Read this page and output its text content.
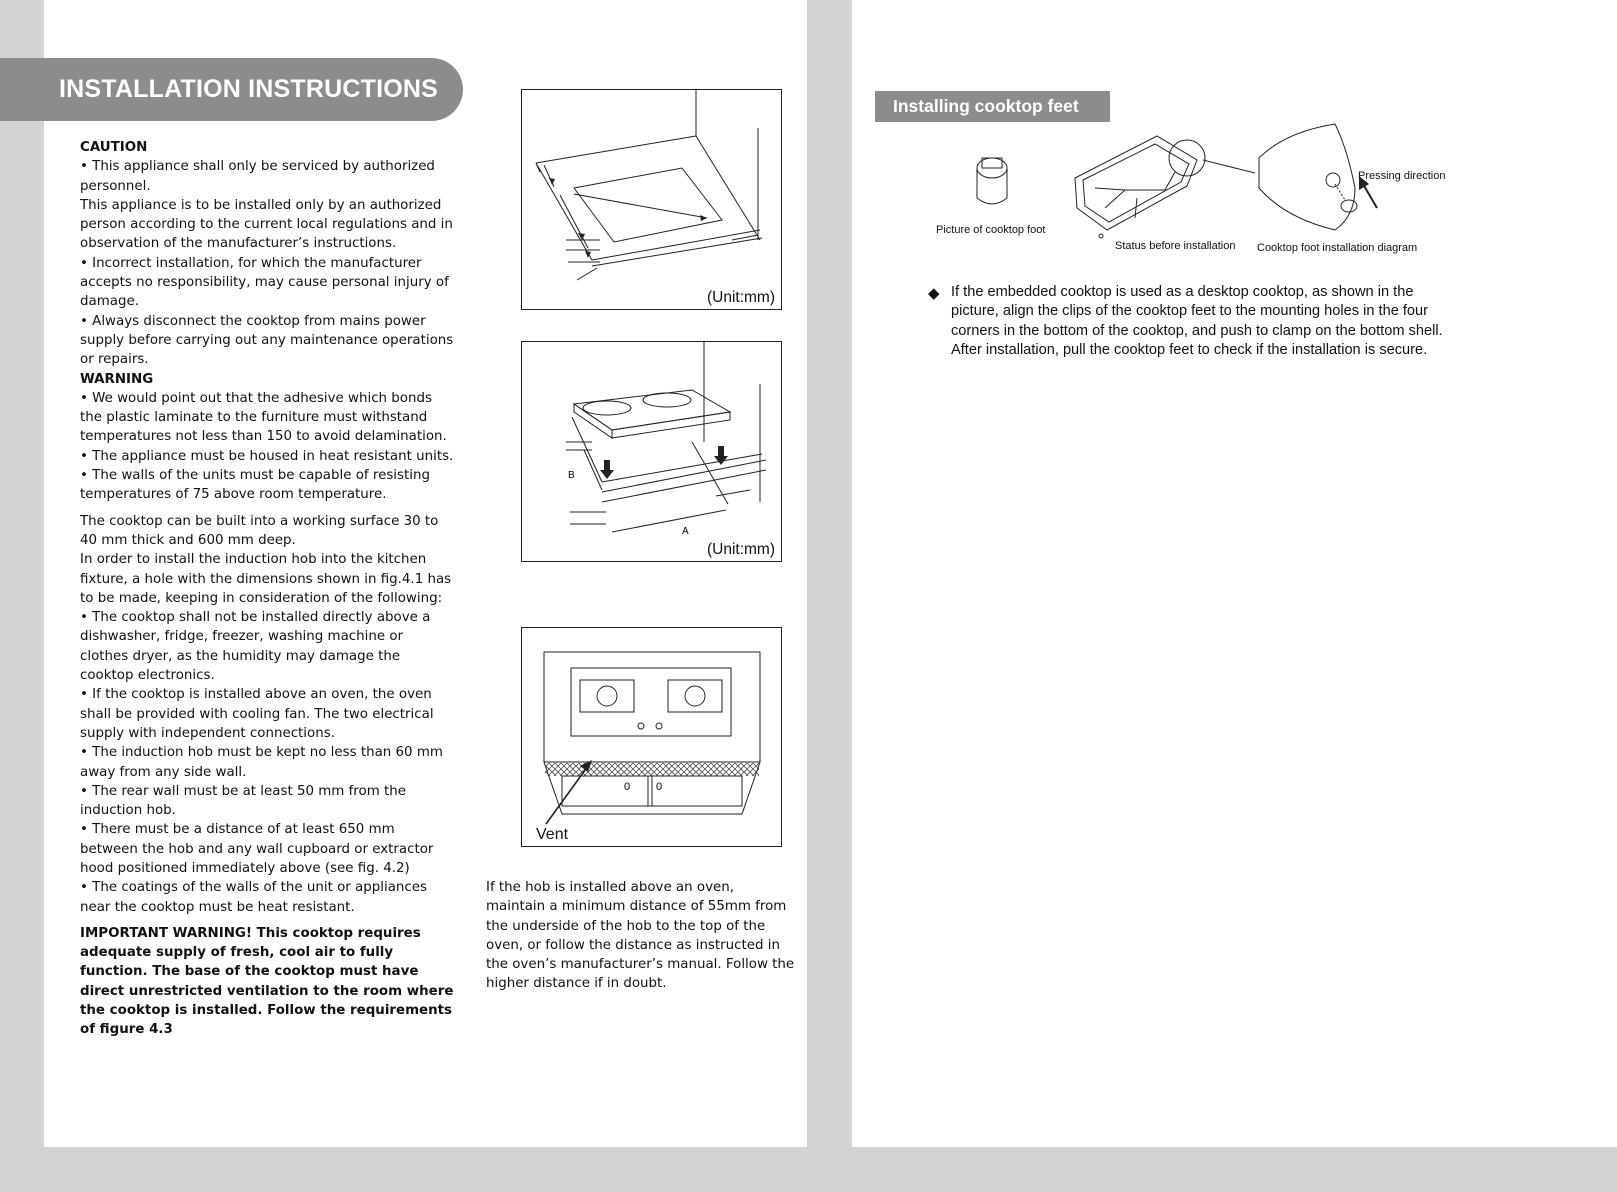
INSTALLATION INSTRUCTIONS

CAUTION

• This appliance shall only be serviced by authorized personnel.

This appliance is to be installed only by an authorized person according to the current local regulations and in observation of the manufacturer’s instructions.

• Incorrect installation, for which the manufacturer accepts no responsibility, may cause personal injury of damage.

• Always disconnect the cooktop from mains power supply before carrying out any maintenance operations or repairs.

WARNING

• We would point out that the adhesive which bonds the plastic laminate to the furniture must withstand temperatures not less than 150 to avoid delamination.

• The appliance must be housed in heat resistant units.

• The walls of the units must be capable of resisting temperatures of 75 above room temperature.

The cooktop can be built into a working surface 30 to 40 mm thick and 600 mm deep.

In order to install the induction hob into the kitchen fixture, a hole with the dimensions shown in fig.4.1 has to be made, keeping in consideration of the following:

• The cooktop shall not be installed directly above a dishwasher, fridge, freezer, washing machine or clothes dryer, as the humidity may damage the cooktop electronics.

• If the cooktop is installed above an oven, the oven shall be provided with cooling fan. The two electrical supply with independent connections.

• The induction hob must be kept no less than 60 mm away from any side wall.

• The rear wall must be at least 50 mm from the induction hob.

• There must be a distance of at least 650 mm between the hob and any wall cupboard or extractor hood positioned immediately above (see fig. 4.2)

• The coatings of the walls of the unit or appliances near the cooktop must be heat resistant.

IMPORTANT WARNING! This cooktop requires adequate supply of fresh, cool air to fully function. The base of the cooktop must have direct unrestricted ventilation to the room where the cooktop is installed. Follow the requirements of figure 4.3

(Unit:mm)
B
A
(Unit:mm)
0 0
Vent

If the hob is installed above an oven, maintain a minimum distance of 55mm from the underside of the hob to the top of the oven, or follow the distance as instructed in the oven’s manufacturer’s manual. Follow the higher distance if in doubt.

Installing cooktop feet
Picture of cooktop foot
Status before installation Cooktop foot installation diagram
Pressing direction
◆ If the embedded cooktop is used as a desktop cooktop, as shown in the picture, align the clips of the cooktop feet to the mounting holes in the four corners in the bottom of the cooktop, and push to clamp on the bottom shell. After installation, pull the cooktop feet to check if the installation is secure.
